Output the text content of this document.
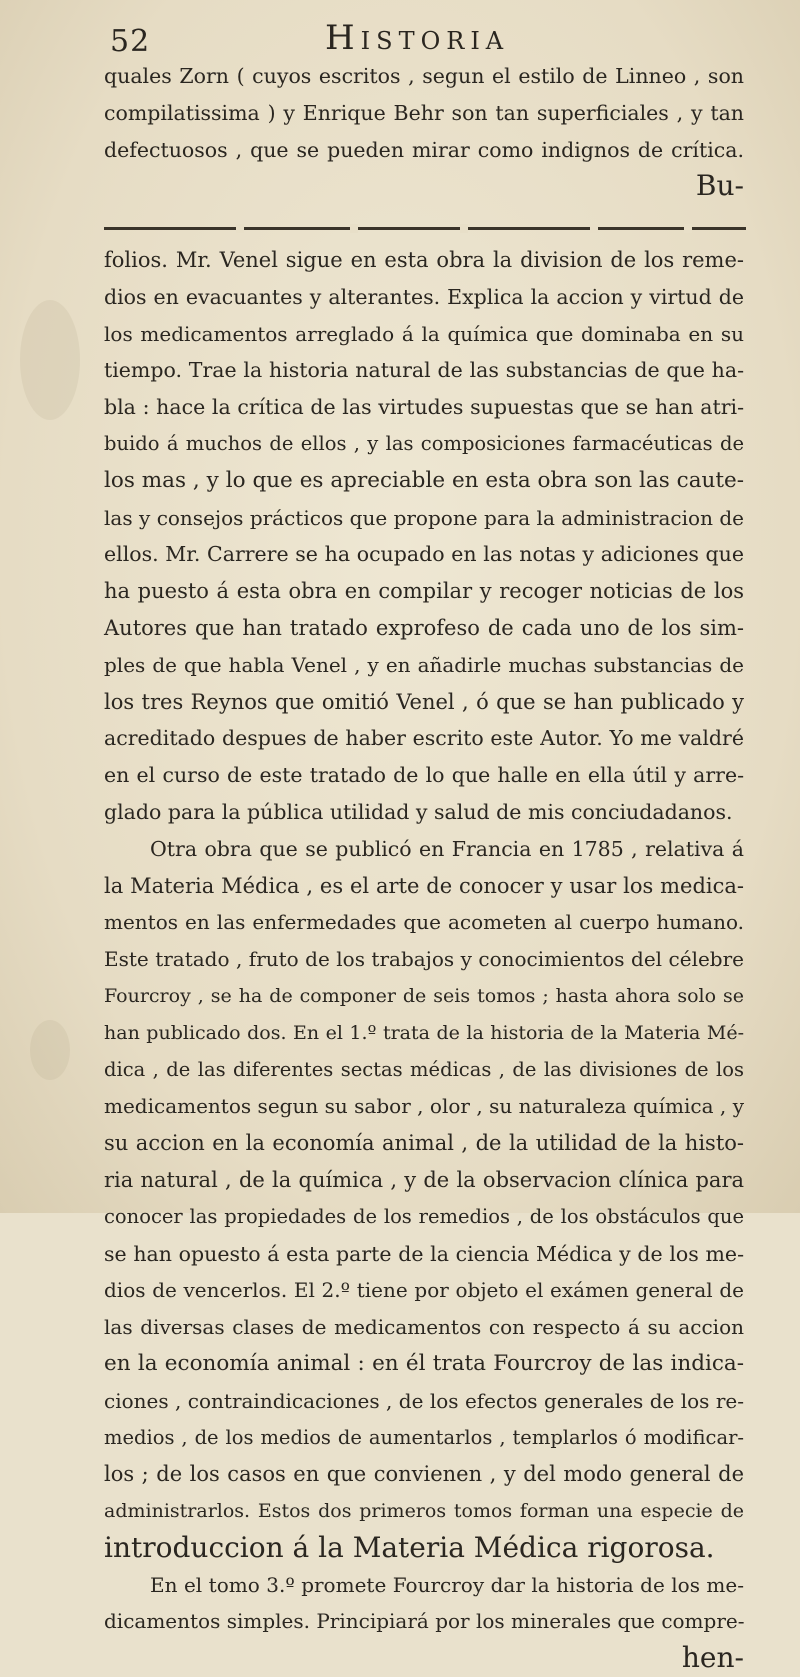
52	Historia
quales Zorn ( cuyos escritos , segun el estilo de Linneo , son
compilatissima ) y Enrique Behr son tan superficiales , y tan
defectuosos , que se pueden mirar como indignos de crítica.
Bu-
folios. Mr. Venel sigue en esta obra la division de los reme-
dios en evacuantes y alterantes. Explica la accion y virtud de
los medicamentos arreglado á la química que dominaba en su
tiempo. Trae la historia natural de las substancias de que ha-
bla : hace la crítica de las virtudes supuestas que se han atri-
buido á muchos de ellos , y las composiciones farmacéuticas de
los mas , y lo que es apreciable en esta obra son las caute-
las y consejos prácticos que propone para la administracion de
ellos. Mr. Carrere se ha ocupado en las notas y adiciones que
ha puesto á esta obra en compilar y recoger noticias de los
Autores que han tratado exprofeso de cada uno de los sim-
ples de que habla Venel , y en añadirle muchas substancias de
los tres Reynos que omitió Venel , ó que se han publicado y
acreditado despues de haber escrito este Autor. Yo me valdré
en el curso de este tratado de lo que halle en ella útil y arre-
glado para la pública utilidad y salud de mis conciudadanos.
Otra obra que se publicó en Francia en 1785 , relativa á
la Materia Médica , es el arte de conocer y usar los medica-
mentos en las enfermedades que acometen al cuerpo humano.
Este tratado , fruto de los trabajos y conocimientos del célebre
Fourcroy , se ha de componer de seis tomos ; hasta ahora solo se
han publicado dos. En el 1.º trata de la historia de la Materia Mé-
dica , de las diferentes sectas médicas , de las divisiones de los
medicamentos segun su sabor , olor , su naturaleza química , y
su accion en la economía animal , de la utilidad de la histo-
ria natural , de la química , y de la observacion clínica para
conocer las propiedades de los remedios , de los obstáculos que
se han opuesto á esta parte de la ciencia Médica y de los me-
dios de vencerlos. El 2.º tiene por objeto el exámen general de
las diversas clases de medicamentos con respecto á su accion
en la economía animal : en él trata Fourcroy de las indica-
ciones , contraindicaciones , de los efectos generales de los re-
medios , de los medios de aumentarlos , templarlos ó modificar-
los ; de los casos en que convienen , y del modo general de
administrarlos. Estos dos primeros tomos forman una especie de
introduccion á la Materia Médica rigorosa.
En el tomo 3.º promete Fourcroy dar la historia de los me-
dicamentos simples. Principiará por los minerales que compre-
hen-
